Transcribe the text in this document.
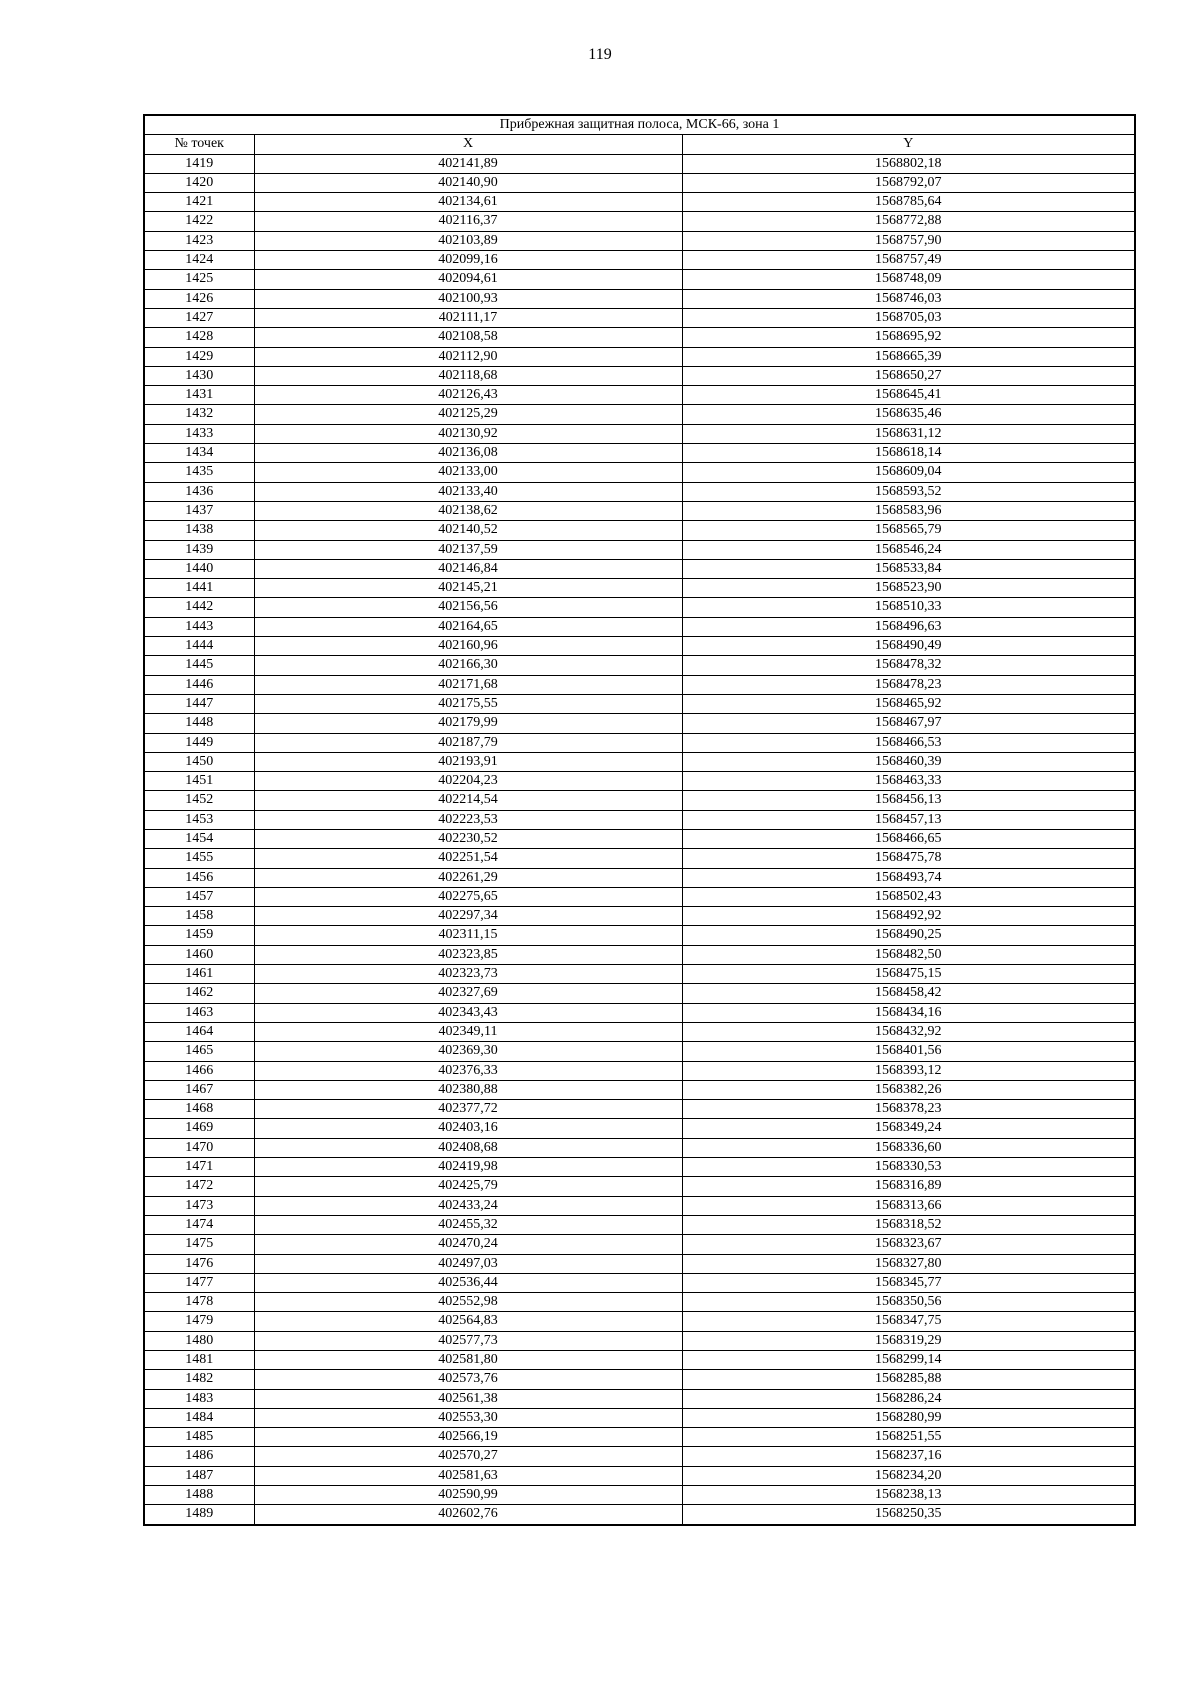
119
Прибрежная защитная полоса, МСК-66, зона 1		
№ точек	X	Y
1419	402141,89	1568802,18
1420	402140,90	1568792,07
1421	402134,61	1568785,64
1422	402116,37	1568772,88
1423	402103,89	1568757,90
1424	402099,16	1568757,49
1425	402094,61	1568748,09
1426	402100,93	1568746,03
1427	402111,17	1568705,03
1428	402108,58	1568695,92
1429	402112,90	1568665,39
1430	402118,68	1568650,27
1431	402126,43	1568645,41
1432	402125,29	1568635,46
1433	402130,92	1568631,12
1434	402136,08	1568618,14
1435	402133,00	1568609,04
1436	402133,40	1568593,52
1437	402138,62	1568583,96
1438	402140,52	1568565,79
1439	402137,59	1568546,24
1440	402146,84	1568533,84
1441	402145,21	1568523,90
1442	402156,56	1568510,33
1443	402164,65	1568496,63
1444	402160,96	1568490,49
1445	402166,30	1568478,32
1446	402171,68	1568478,23
1447	402175,55	1568465,92
1448	402179,99	1568467,97
1449	402187,79	1568466,53
1450	402193,91	1568460,39
1451	402204,23	1568463,33
1452	402214,54	1568456,13
1453	402223,53	1568457,13
1454	402230,52	1568466,65
1455	402251,54	1568475,78
1456	402261,29	1568493,74
1457	402275,65	1568502,43
1458	402297,34	1568492,92
1459	402311,15	1568490,25
1460	402323,85	1568482,50
1461	402323,73	1568475,15
1462	402327,69	1568458,42
1463	402343,43	1568434,16
1464	402349,11	1568432,92
1465	402369,30	1568401,56
1466	402376,33	1568393,12
1467	402380,88	1568382,26
1468	402377,72	1568378,23
1469	402403,16	1568349,24
1470	402408,68	1568336,60
1471	402419,98	1568330,53
1472	402425,79	1568316,89
1473	402433,24	1568313,66
1474	402455,32	1568318,52
1475	402470,24	1568323,67
1476	402497,03	1568327,80
1477	402536,44	1568345,77
1478	402552,98	1568350,56
1479	402564,83	1568347,75
1480	402577,73	1568319,29
1481	402581,80	1568299,14
1482	402573,76	1568285,88
1483	402561,38	1568286,24
1484	402553,30	1568280,99
1485	402566,19	1568251,55
1486	402570,27	1568237,16
1487	402581,63	1568234,20
1488	402590,99	1568238,13
1489	402602,76	1568250,35
